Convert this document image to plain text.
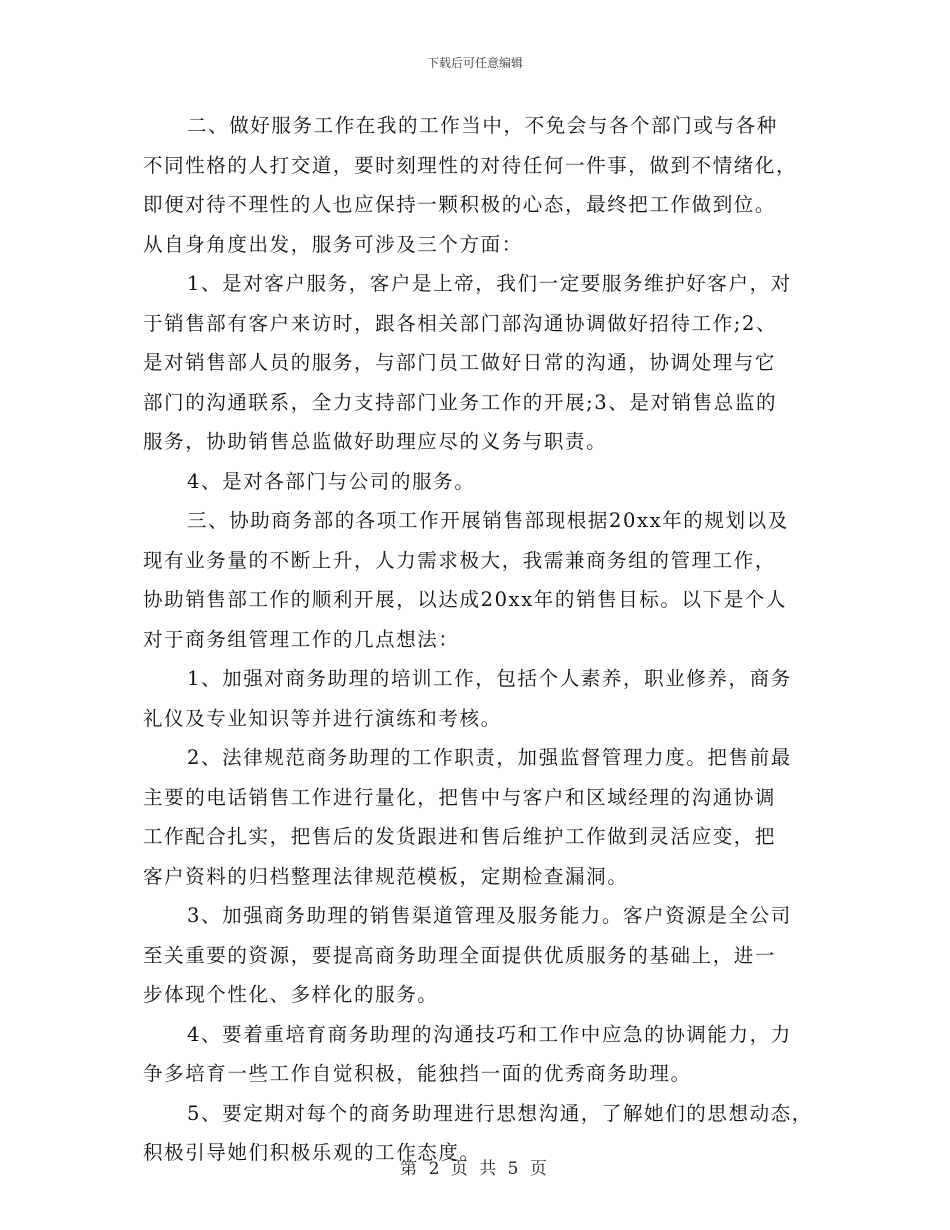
下载后可任意编辑
二、做好服务工作在我的工作当中，不免会与各个部门或与各种
不同性格的人打交道，要时刻理性的对待任何一件事，做到不情绪化，
即便对待不理性的人也应保持一颗积极的心态，最终把工作做到位。
从自身角度出发，服务可涉及三个方面：
1、是对客户服务，客户是上帝，我们一定要服务维护好客户，对
于销售部有客户来访时，跟各相关部门部沟通协调做好招待工作;2、
是对销售部人员的服务，与部门员工做好日常的沟通，协调处理与它
部门的沟通联系，全力支持部门业务工作的开展;3、是对销售总监的
服务，协助销售总监做好助理应尽的义务与职责。
4、是对各部门与公司的服务。
三、协助商务部的各项工作开展销售部现根据20xx年的规划以及
现有业务量的不断上升，人力需求极大，我需兼商务组的管理工作，
协助销售部工作的顺利开展，以达成20xx年的销售目标。以下是个人
对于商务组管理工作的几点想法：
1、加强对商务助理的培训工作，包括个人素养，职业修养，商务
礼仪及专业知识等并进行演练和考核。
2、法律规范商务助理的工作职责，加强监督管理力度。把售前最
主要的电话销售工作进行量化，把售中与客户和区域经理的沟通协调
工作配合扎实，把售后的发货跟进和售后维护工作做到灵活应变，把
客户资料的归档整理法律规范模板，定期检查漏洞。
3、加强商务助理的销售渠道管理及服务能力。客户资源是全公司
至关重要的资源，要提高商务助理全面提供优质服务的基础上，进一
步体现个性化、多样化的服务。
4、要着重培育商务助理的沟通技巧和工作中应急的协调能力，力
争多培育一些工作自觉积极，能独挡一面的优秀商务助理。
5、要定期对每个的商务助理进行思想沟通，了解她们的思想动态，
积极引导她们积极乐观的工作态度。
第 2 页 共 5 页
